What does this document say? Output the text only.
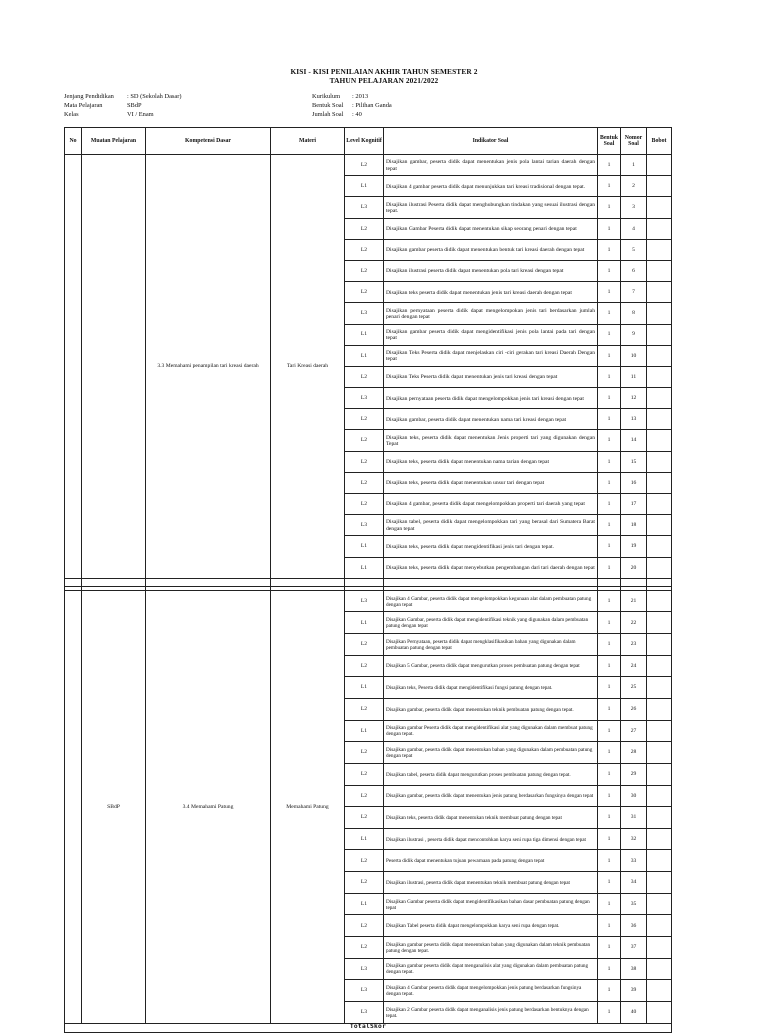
KISI - KISI PENILAIAN AKHIR TAHUN SEMESTER 2
TAHUN PELAJARAN 2021/2022
Jenjang Pendidikan	: SD (Sekolah Dasar)
Mata Pelajaran	SBdP
Kelas	VI / Enam
Kurikulum	: 2013
Bentuk Soal	: Pilihan Ganda
Jumlah Soal	: 40
No	Muatan Pelajaran	Kompetensi Dasar	Materi	Level Kognitif	Indikator Soal	Bentuk Soal	Nomor Soal	Bobot
		3.3 Memahami penampilan tari kreasi daerah	Tari Kreasi daerah	L2	Disajikan gambar, peserta didik dapat menentukan jenis pola lantai tarian daerah dengan tepat	1	1	
				L1	Disajikan 4 gambar peserta didik dapat menunjukkan tari kreasi tradisional dengan tepat.	1	2	
				L3	Disajikan ilustrasi Peserta didik dapat menghubungkan tindakan yang sesuai ilustrasi dengan tepat.	1	3	
				L2	Disajikan Gambar Peserta didik dapat menentukan sikap seorang penari dengan tepat	1	4	
				L2	Disajikan gambar peserta didik dapat menentukan bentuk tari kreasi daerah dengan tepat	1	5	
				L2	Disajikan ilustrasi peserta didik dapat menentukan pola tari kreasi dengan tepat	1	6	
				L2	Disajikan teks peserta didik dapat menentukan jenis tari kreasi daerah dengan tepat	1	7	
				L3	Disajikan pernyataan peserta didik dapat mengelompokan jenis tari berdasarkan jumlah penari dengan tepat	1	8	
				L1	Disajikan gambar peserta didik dapat mengidentifikasi jenis pola lantai pada tari dengan tepat	1	9	
				L1	Disajikan Teks Peserta didik dapat menjelaskan ciri -ciri gerakan tari kreasi Daerah Dengan tepat	1	10	
				L2	Disajikan Teks Peserta didik dapat menentukan jenis tari kreasi dengan tepat	1	11	
				L3	Disajikan pernyataan peserta didik dapat mengelompokkan jenis tari kreasi dengan tepat	1	12	
				L2	Disajikan gambar, peserta didik dapat menentukan nama tari kreasi dengan tepat	1	13	
				L2	Disajikan teks, peserta didik dapat menentukan Jenis properti tari yang digunakan dengan Tepat	1	14	
				L2	Disajikan teks, peserta didik dapat menentukan nama tarian dengan tepat	1	15	
				L2	Disajikan teks, peserta didik dapat menentukan unsur tari dengan tepat	1	16	
				L2	Disajikan 4 gambar, peserta didik dapat mengelompokkan properti tari daerah yang tepat	1	17	
				L3	Disajikan tabel, peserta didik dapat mengelompokkan tari yang berasal dari Sumatera Barat dengan tepat	1	18	
				L1	Disajikan teks, peserta didik dapat mengidentifikasi jenis tari dengan tepat.	1	19	
				L1	Disajikan teks, peserta didik dapat menyebutkan pengembangan dari tari daerah dengan tepat	1	20	

	SBdP	3.4 Memahami Patung	Memahami Patung	L3	Disajikan 4 Gambar, peserta didik dapat mengelompokkan kegunaan alat dalam pembuatan patung dengan tepat	1	21	
				L1	Disajikan Gambar, peserta didik dapat mengidentifikasi teknik yang digunakan dalam pembuatan patung dengan tepat	1	22	
				L2	Disajikan Pernyataan, peserta didik dapat mengklasifikasikan bahan yang digunakan dalam pembuatan patung dengan tepat	1	23	
				L2	Disajikan 5 Gambar, peserta didik dapat mengurutkan proses pembuatan patung dengan tepat	1	24	
				L1	Disajikan teks, Peserta didik dapat mengidentifikasi fungsi patung dengan tepat.	1	25	
				L2	Disajikan gambar, peserta didik dapat menentukan teknik pembuatan patung dengan tepat.	1	26	
				L1	Disajikan gambar Peserta didik dapat mengidentifikasi alat yang digunakan dalam membuat patung dengan tepat.	1	27	
				L2	Disajikan gambar, peserta didik dapat menentukan bahan yang digunakan dalam pembuatan patung dengan tepat	1	28	
				L2	Disajikan tabel, peserta didik dapat mengurutkan proses pembuatan patung dengan tepat.	1	29	
				L2	Disajikan gambar, peserta didik dapat menentukan jenis patung berdasarkan fungsinya dengan tepat	1	30	
				L2	Disajikan teks, peserta didik dapat menentukan teknik membuat patung dengan tepat	1	31	
				L1	Disajikan ilustrasi , peserta didik dapat mencontohkan karya seni rupa tiga dimensi dengan tepat	1	32	
				L2	Peserta didik dapat menentukan tujuan pewarnaan pada patung dengan tepat	1	33	
				L2	Disajikan ilustrasi, peserta didik dapat menentukan teknik membuat patung dengan tepat	1	34	
				L1	Disajikan Gambar peserta didik dapat mengidentifikasikan bahan dasar pembuatan patung dengan tepat	1	35	
				L2	Disajikan Tabel peserta didik dapat mengelompokkan karya seni rupa dengan tepat.	1	36	
				L2	Disajikan gambar peserta didik dapat menentukan bahan yang digunakan dalam teknik pembuatan patung dengan tepat.	1	37	
				L3	Disajikan gambar peserta didik dapat menganalisis alat yang digunakan dalam pembuatan patung dengan tepat.	1	38	
				L3	Disajikan 4 Gambar peserta didik dapat mengelompokkan jenis patung berdasarkan fungsinya dengan tepat.	1	39	
				L3	Disajikan 2 Gambar peserta didik dapat menganalisis jenis patung berdasarkan bentuknya dengan tepat.	1	40	
TotalSkor								
